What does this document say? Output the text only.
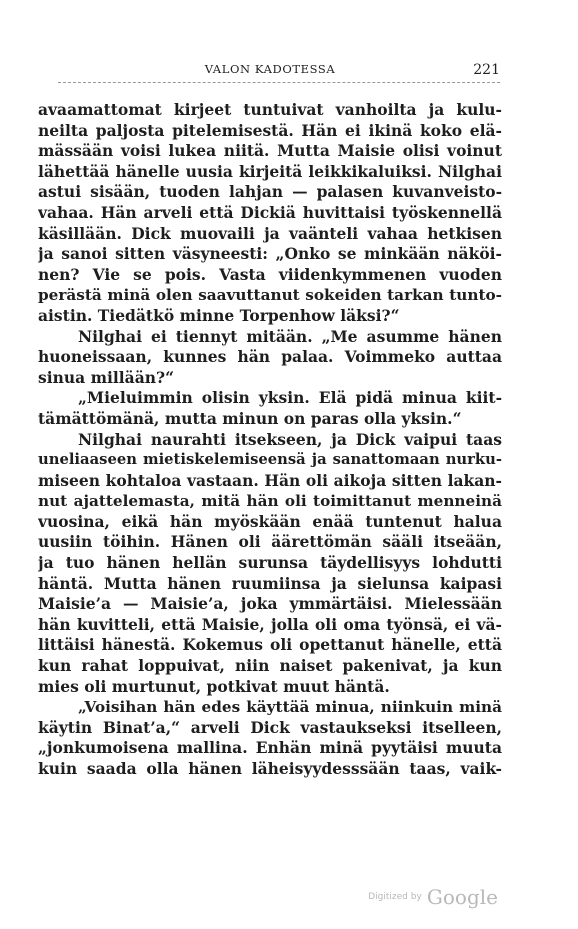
VALON KADOTESSA	221
avaamattomat kirjeet tuntuivat vanhoilta ja kulu-
neilta paljosta pitelemisestä. Hän ei ikinä koko elä-
mässään voisi lukea niitä. Mutta Maisie olisi voinut
lähettää hänelle uusia kirjeitä leikkikaluiksi. Nilghai
astui sisään, tuoden lahjan — palasen kuvanveisto-
vahaa. Hän arveli että Dickiä huvittaisi työskennellä
käsillään. Dick muovaili ja vaänteli vahaa hetkisen
ja sanoi sitten väsyneesti: „Onko se minkään näköi-
nen? Vie se pois. Vasta viidenkymmenen vuoden
perästä minä olen saavuttanut sokeiden tarkan tunto-
aistin. Tiedätkö minne Torpenhow läksi?“
Nilghai ei tiennyt mitään. „Me asumme hänen
huoneissaan, kunnes hän palaa. Voimmeko auttaa
sinua millään?“
„Mieluimmin olisin yksin. Elä pidä minua kiit-
tämättömänä, mutta minun on paras olla yksin.“
Nilghai naurahti itsekseen, ja Dick vaipui taas
uneliaaseen mietiskelemiseensä ja sanattomaan nurku-
miseen kohtaloa vastaan. Hän oli aikoja sitten lakan-
nut ajattelemasta, mitä hän oli toimittanut menneinä
vuosina, eikä hän myöskään enää tuntenut halua
uusiin töihin. Hänen oli äärettömän sääli itseään,
ja tuo hänen hellän surunsa täydellisyys lohdutti
häntä. Mutta hänen ruumiinsa ja sielunsa kaipasi
Maisie’a — Maisie’a, joka ymmärtäisi. Mielessään
hän kuvitteli, että Maisie, jolla oli oma työnsä, ei vä-
littäisi hänestä. Kokemus oli opettanut hänelle, että
kun rahat loppuivat, niin naiset pakenivat, ja kun
mies oli murtunut, potkivat muut häntä.
„Voisihan hän edes käyttää minua, niinkuin minä
käytin Binat’a,“ arveli Dick vastaukseksi itselleen,
„jonkumoisena mallina. Enhän minä pyytäisi muuta
kuin saada olla hänen läheisyydesssään taas, vaik-
Digitized by Google
